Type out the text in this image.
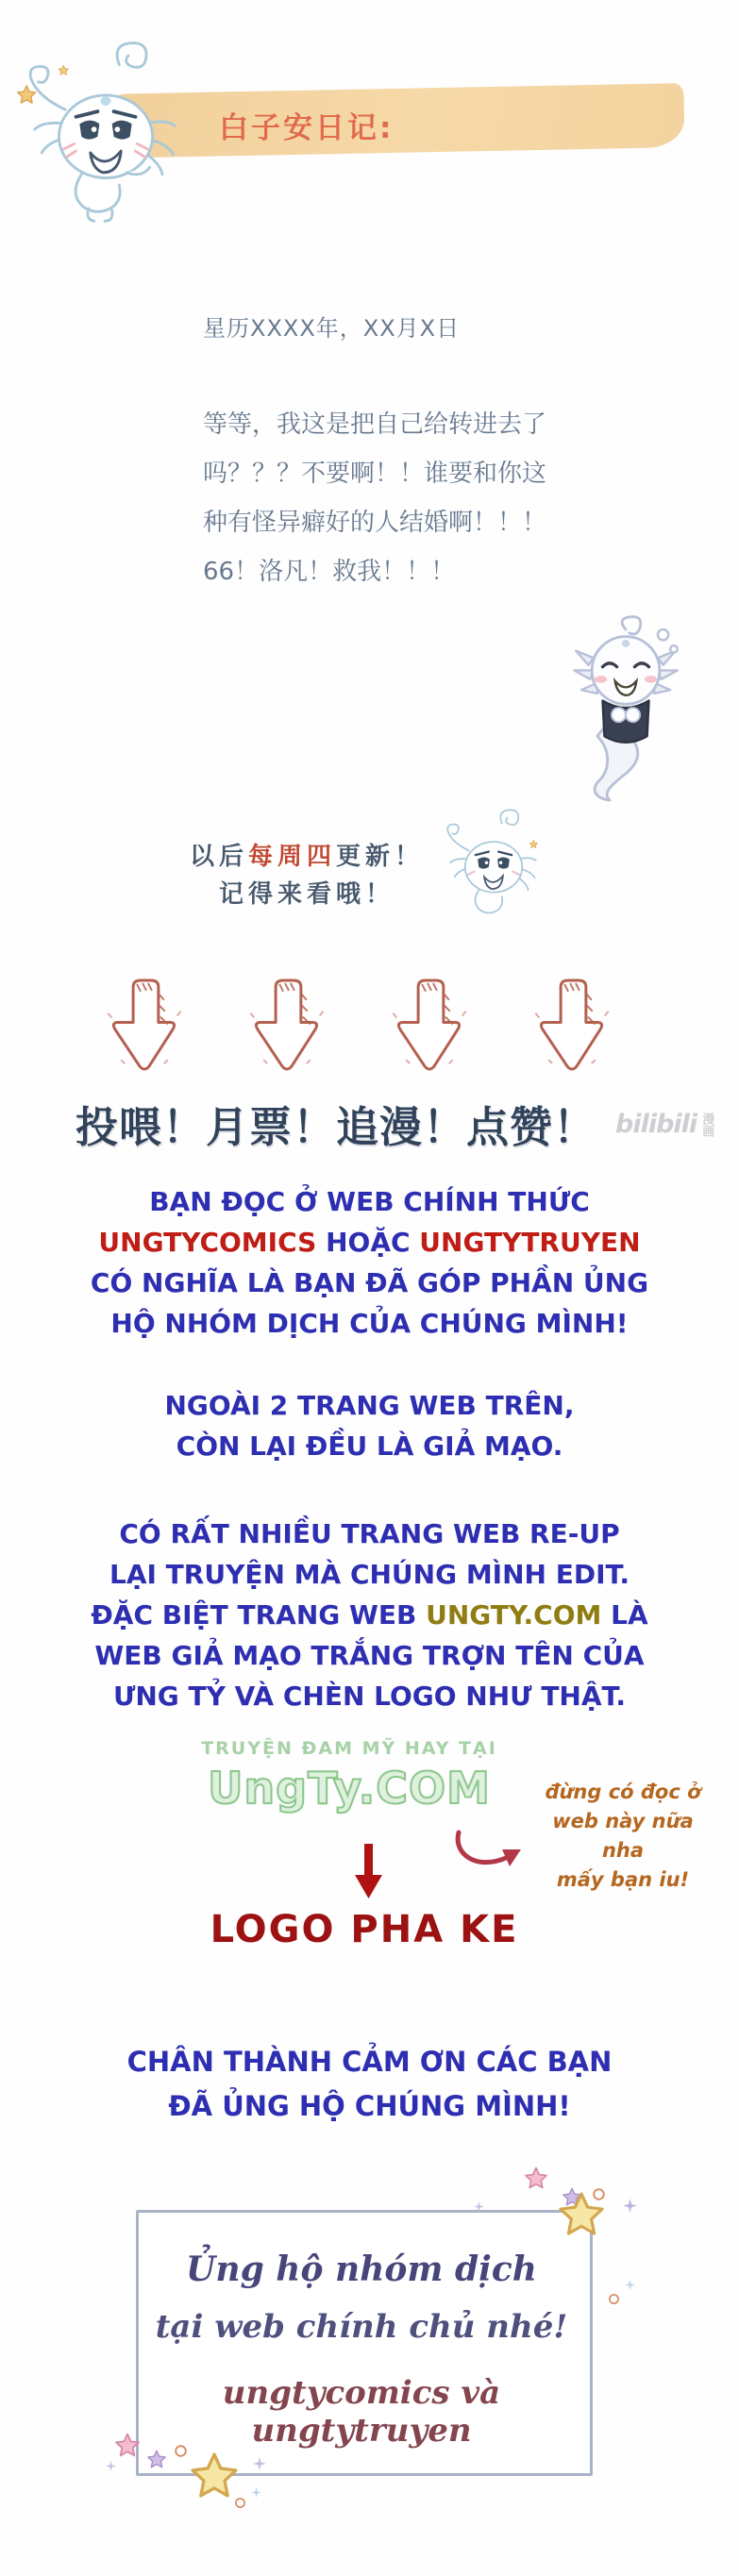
白子安日记:
星历XXXX年，XX月X日
等等，我这是把自己给转进去了
吗？？？不要啊！！谁要和你这
种有怪异癖好的人结婚啊！！！
66！洛凡！救我！！！
以后每周四更新！
记得来看哦！
bilibili 漫画
投喂！月票！追漫！点赞！
BẠN ĐỌC Ở WEB CHÍNH THỨC
UNGTYCOMICS HOẶC UNGTYTRUYEN
CÓ NGHĨA LÀ BẠN ĐÃ GÓP PHẦN ỦNG
HỘ NHÓM DỊCH CỦA CHÚNG MÌNH!
NGOÀI 2 TRANG WEB TRÊN,
CÒN LẠI ĐỀU LÀ GIẢ MẠO.
CÓ RẤT NHIỀU TRANG WEB RE-UP
LẠI TRUYỆN MÀ CHÚNG MÌNH EDIT.
ĐẶC BIỆT TRANG WEB UNGTY.COM LÀ
WEB GIẢ MẠO TRẮNG TRỢN TÊN CỦA
ƯNG TỶ VÀ CHÈN LOGO NHƯ THẬT.
TRUYỆN ĐAM MỸ HAY TẠI
UngTy.COM	đừng có đọc ở
web này nữa nha
mấy bạn iu!
LOGO PHA KE
CHÂN THÀNH CẢM ƠN CÁC BẠN
ĐÃ ỦNG HỘ CHÚNG MÌNH!
Ủng hộ nhóm dịch
tại web chính chủ nhé!
ungtycomics và ungtytruyen
